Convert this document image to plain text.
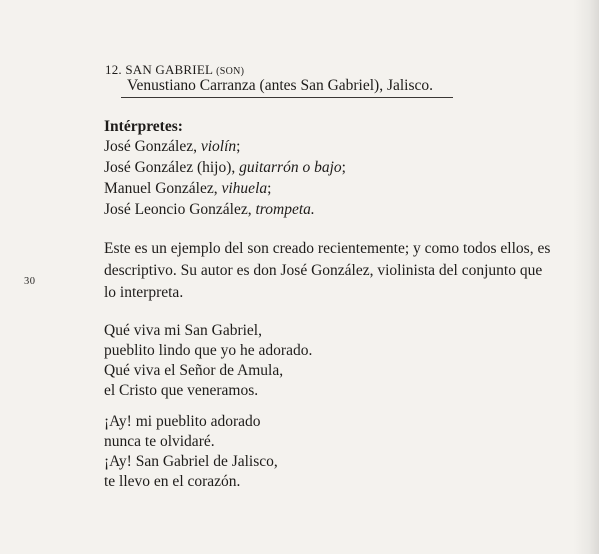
12. SAN GABRIEL (SON)
Venustiano Carranza (antes San Gabriel), Jalisco.
Intérpretes:
José González, violín;
José González (hijo), guitarrón o bajo;
Manuel González, vihuela;
José Leoncio González, trompeta.
Este es un ejemplo del son creado recientemente; y como todos ellos, es
descriptivo. Su autor es don José González, violinista del conjunto que
lo interpreta.
30
Qué viva mi San Gabriel,
pueblito lindo que yo he adorado.
Qué viva el Señor de Amula,
el Cristo que veneramos.
¡Ay! mi pueblito adorado
nunca te olvidaré.
¡Ay! San Gabriel de Jalisco,
te llevo en el corazón.
